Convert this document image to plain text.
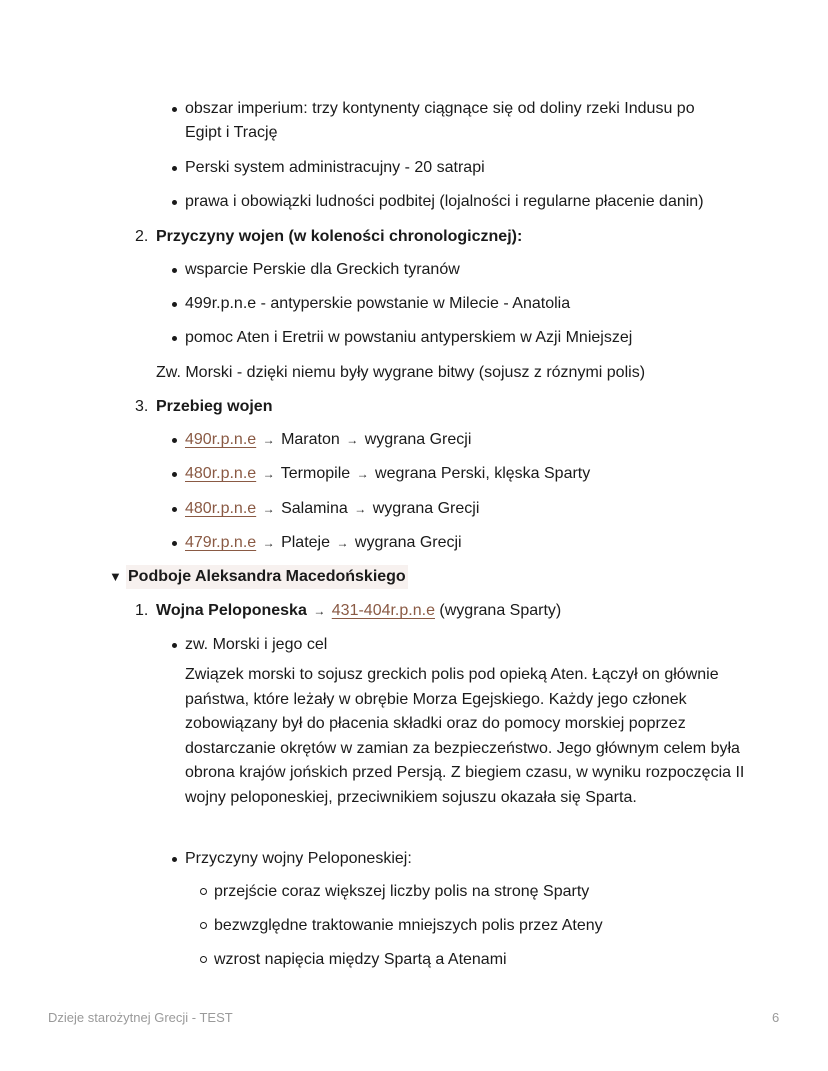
obszar imperium: trzy kontynenty ciągnące się od doliny rzeki Indusu po
Egipt i Trację
Perski system administracujny - 20 satrapi
prawa i obowiązki ludności podbitej (lojalności i regularne płacenie danin)
2. Przyczyny wojen (w koleności chronologicznej):
wsparcie Perskie dla Greckich tyranów
499r.p.n.e - antyperskie powstanie w Milecie - Anatolia
pomoc Aten i Eretrii w powstaniu antyperskiem w Azji Mniejszej
Zw. Morski - dzięki niemu były wygrane bitwy (sojusz z róznymi polis)
3. Przebieg wojen
490r.p.n.e → Maraton → wygrana Grecji
480r.p.n.e → Termopile → wegrana Perski, klęska Sparty
480r.p.n.e → Salamina → wygrana Grecji
479r.p.n.e → Plateje → wygrana Grecji
▼ Podboje Aleksandra Macedońskiego
1. Wojna Peloponeska → 431-404r.p.n.e (wygrana Sparty)
zw. Morski i jego cel
Związek morski to sojusz greckich polis pod opieką Aten. Łączył on głównie państwa, które leżały w obrębie Morza Egejskiego. Każdy jego członek zobowiązany był do płacenia składki oraz do pomocy morskiej poprzez dostarczanie okrętów w zamian za bezpieczeństwo. Jego głównym celem była obrona krajów jońskich przed Persją. Z biegiem czasu, w wyniku rozpoczęcia II wojny peloponeskiej, przeciwnikiem sojuszu okazała się Sparta.
Przyczyny wojny Peloponeskiej:
przejście coraz większej liczby polis na stronę Sparty
bezwzględne traktowanie mniejszych polis przez Ateny
wzrost napięcia między Spartą a Atenami
Dzieje starożytnej Grecji - TEST	6
